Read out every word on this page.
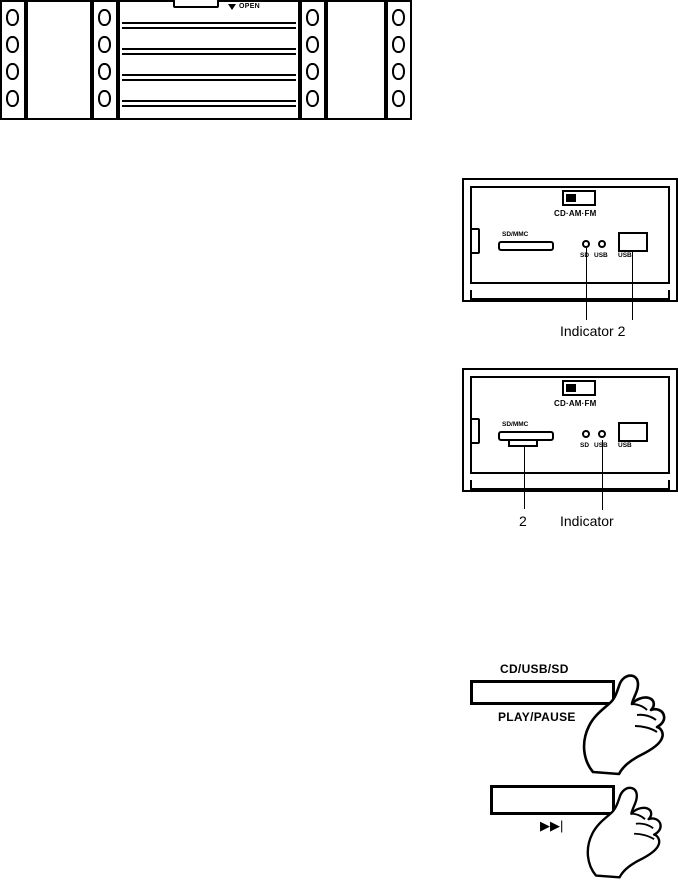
OPEN
CD·AM·FM
SD/MMC
SD USB USB
Indicator 2
CD·AM·FM
SD/MMC
SD USB USB
2 Indicator
CD/USB/SD
PLAY/PAUSE
▶▶|
